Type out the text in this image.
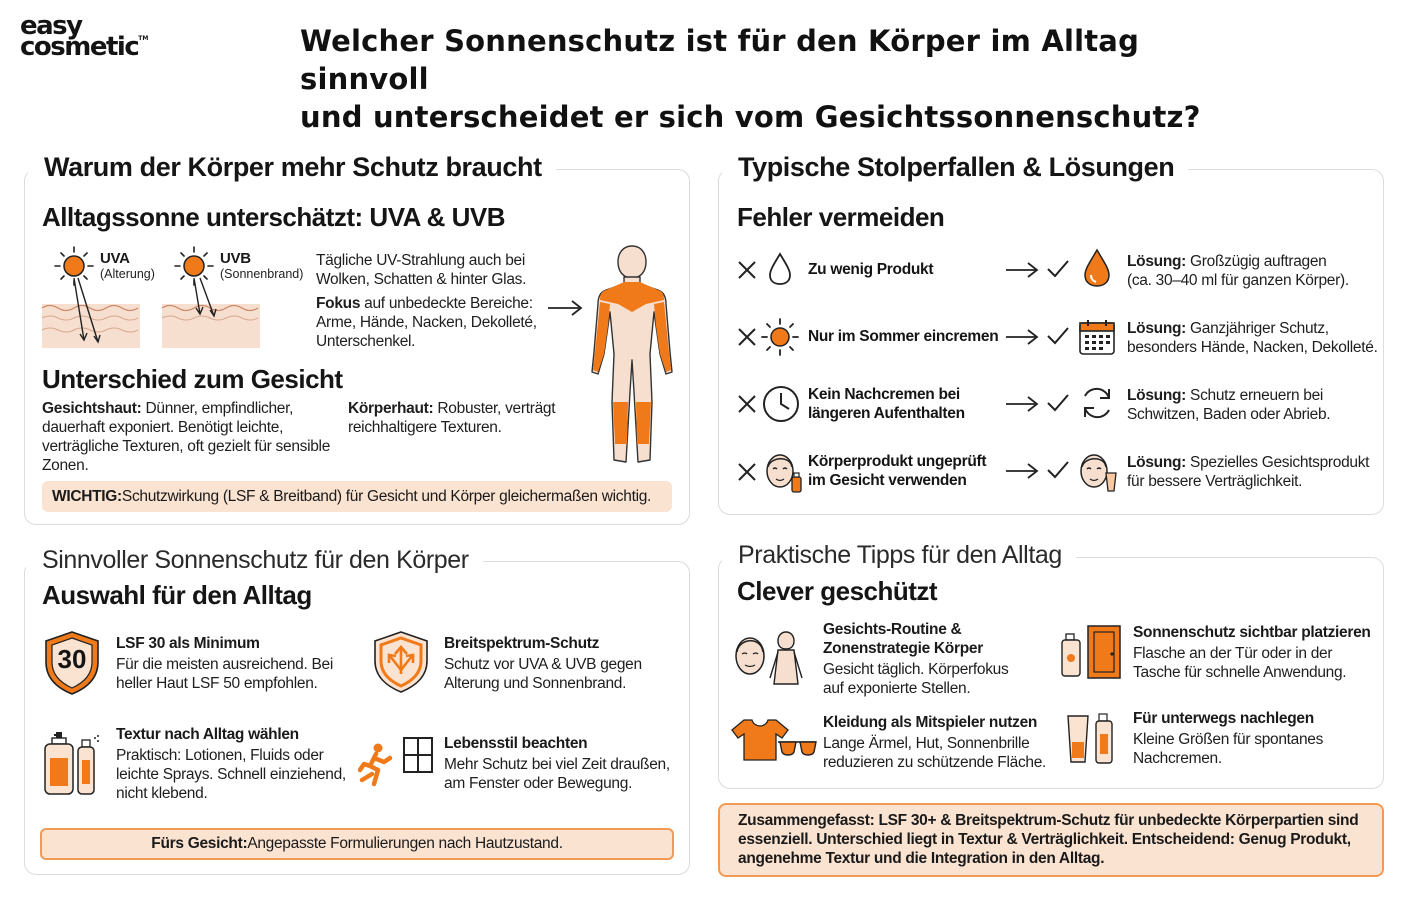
easy
cosmetic™	Welcher Sonnenschutz ist für den Körper im Alltag sinnvoll
und unterscheidet er sich vom Gesichtssonnenschutz?
Warum der Körper mehr Schutz braucht
Alltagssonne unterschätzt: UVA & UVB
UVA
(Alterung)
UVB
(Sonnenbrand)
Tägliche UV-Strahlung auch bei
Wolken, Schatten & hinter Glas.
Fokus auf unbedeckte Bereiche:
Arme, Hände, Nacken, Dekolleté,
Unterschenkel.
Unterschied zum Gesicht
Gesichtshaut: Dünner, empfindlicher,
dauerhaft exponiert. Benötigt leichte,
verträgliche Texturen, oft gezielt für sensible
Zonen.
Körperhaut: Robuster, verträgt
reichhaltigere Texturen.
WICHTIG: Schutzwirkung (LSF & Breitband) für Gesicht und Körper gleichermaßen wichtig.
Typische Stolperfallen & Lösungen
Fehler vermeiden
Zu wenig Produkt	Lösung: Großzügig auftragen
(ca. 30–40 ml für ganzen Körper).
Nur im Sommer eincremen	Lösung: Ganzjähriger Schutz,
besonders Hände, Nacken, Dekolleté.
Kein Nachcremen bei
längeren Aufenthalten
Lösung: Schutz erneuern bei
Schwitzen, Baden oder Abrieb.
Körperprodukt ungeprüft
im Gesicht verwenden
Lösung: Spezielles Gesichtsprodukt
für bessere Verträglichkeit.
Sinnvoller Sonnenschutz für den Körper
Auswahl für den Alltag
30
LSF 30 als Minimum
Für die meisten ausreichend. Bei
heller Haut LSF 50 empfohlen.
Breitspektrum-Schutz
Schutz vor UVA & UVB gegen
Alterung und Sonnenbrand.
Textur nach Alltag wählen
Praktisch: Lotionen, Fluids oder
leichte Sprays. Schnell einziehend,
nicht klebend.
Lebensstil beachten
Mehr Schutz bei viel Zeit draußen,
am Fenster oder Bewegung.
Fürs Gesicht: Angepasste Formulierungen nach Hautzustand.
Praktische Tipps für den Alltag
Clever geschützt
Gesichts-Routine &
Zonenstrategie Körper
Gesicht täglich. Körperfokus
auf exponierte Stellen.
Sonnenschutz sichtbar platzieren
Flasche an der Tür oder in der
Tasche für schnelle Anwendung.
Kleidung als Mitspieler nutzen
Lange Ärmel, Hut, Sonnenbrille
reduzieren zu schützende Fläche.
Für unterwegs nachlegen
Kleine Größen für spontanes
Nachcremen.
Zusammengefasst: LSF 30+ & Breitspektrum-Schutz für unbedeckte Körperpartien sind
essenziell. Unterschied liegt in Textur & Verträglichkeit. Entscheidend: Genug Produkt,
angenehme Textur und die Integration in den Alltag.
